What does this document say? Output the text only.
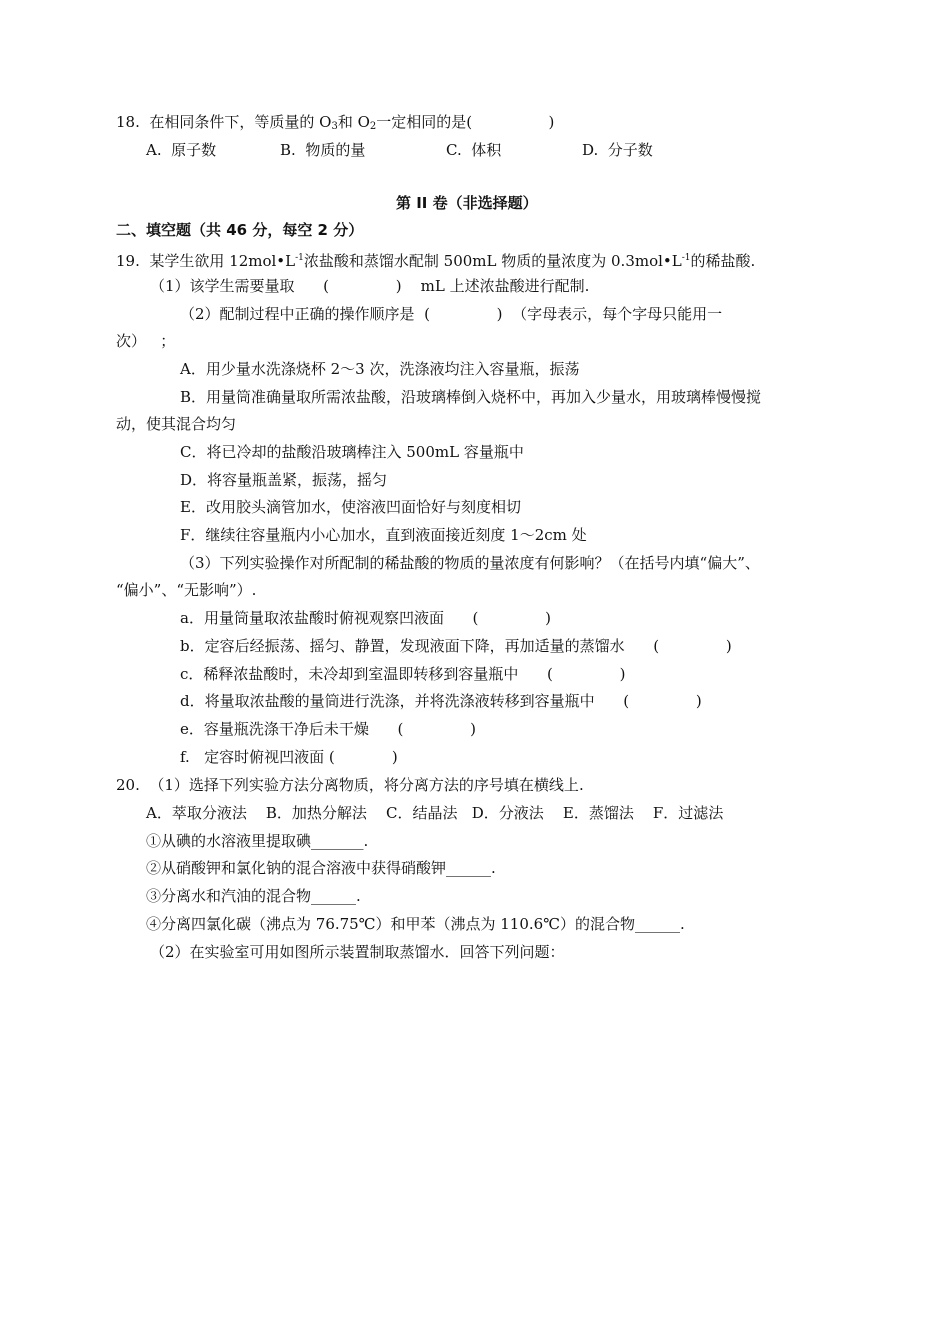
18.  在相同条件下，等质量的 $O_3$和 $O_2$一定相同的是(                )
A.  原子数	B.  物质的量	C.  体积	D.  分子数
第 II 卷（非选择题）
二、填空题（共 46 分，每空 2 分）
19.  某学生欲用 $12mol•L^{-1}$浓盐酸和蒸馏水配制 500mL 物质的量浓度为 $0.3mol•L^{-1}$的稀盐酸.
（1）该学生需要量取      (              )    mL 上述浓盐酸进行配制.
（2）配制过程中正确的操作顺序是  (              )  （字母表示，每个字母只能用一
次）   ；
A．用少量水洗涤烧杯 2～3 次，洗涤液均注入容量瓶，振荡
B．用量筒准确量取所需浓盐酸，沿玻璃棒倒入烧杯中，再加入少量水，用玻璃棒慢慢搅
动，使其混合均匀
C．将已冷却的盐酸沿玻璃棒注入 500mL 容量瓶中
D．将容量瓶盖紧，振荡，摇匀
E．改用胶头滴管加水，使溶液凹面恰好与刻度相切
F．继续往容量瓶内小心加水，直到液面接近刻度 1～2cm 处
（3）下列实验操作对所配制的稀盐酸的物质的量浓度有何影响？（在括号内填“偏大”、
“偏小”、“无影响”）.
a．用量筒量取浓盐酸时俯视观察凹液面      (              )
b．定容后经振荡、摇匀、静置，发现液面下降，再加适量的蒸馏水      (              )
c．稀释浓盐酸时，未冷却到室温即转移到容量瓶中      (              )
d．将量取浓盐酸的量筒进行洗涤，并将洗涤液转移到容量瓶中      (              )
e．容量瓶洗涤干净后未干燥      (              )
f.   定容时俯视凹液面 (            )
20.  （1）选择下列实验方法分离物质，将分离方法的序号填在横线上.
A．萃取分液法    B．加热分解法    C．结晶法   D．分液法    E．蒸馏法    F．过滤法
①从碘的水溶液里提取碘_______.
②从硝酸钾和氯化钠的混合溶液中获得硝酸钾______.
③分离水和汽油的混合物______.
④分离四氯化碳（沸点为 76.75℃）和甲苯（沸点为 110.6℃）的混合物______.
（2）在实验室可用如图所示装置制取蒸馏水．回答下列问题：
